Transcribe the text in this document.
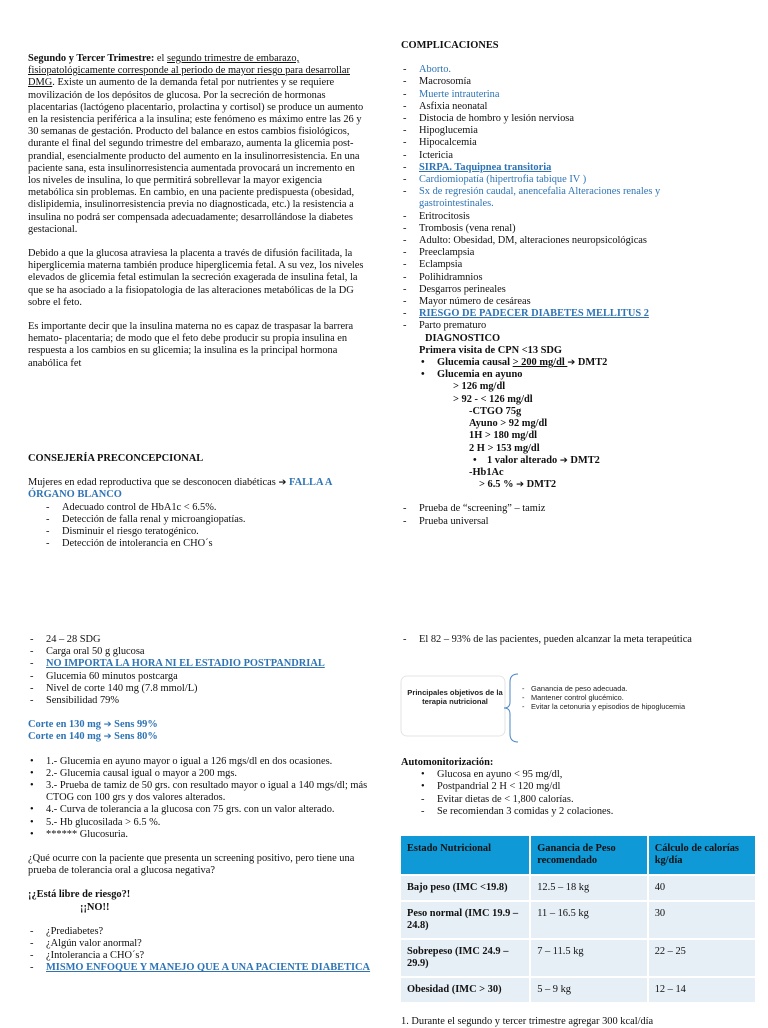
Segundo y Tercer Trimestre: el segundo trimestre de embarazo, fisiopatológicamente corresponde al periodo de mayor riesgo para desarrollar DMG. Existe un aumento de la demanda fetal por nutrientes y se requiere movilización de los depósitos de glucosa. Por la secreción de hormonas placentarias (lactógeno placentario, prolactina y cortisol) se produce un aumento en la resistencia periférica a la insulina; este fenómeno es máximo entre las 26 y 30 semanas de gestación. Producto del balance en estos cambios fisiológicos, durante el final del segundo trimestre del embarazo, aumenta la glicemia post-prandial, esencialmente producto del aumento en la insulinorresistencia. En una paciente sana, esta insulinorresistencia aumentada provocará un incremento en los niveles de insulina, lo que permitirá sobrellevar la mayor exigencia metabólica sin problemas. En cambio, en una paciente predispuesta (obesidad, dislipidemia, insulinorresistencia previa no diagnosticada, etc.) la resistencia a insulina no podrá ser compensada adecuadamente; desarrollándose la diabetes gestacional.

Debido a que la glucosa atraviesa la placenta a través de difusión facilitada, la hiperglicemia materna también produce hiperglicemia fetal. A su vez, los niveles elevados de glicemia fetal estimulan la secreción exagerada de insulina fetal, la que se ha asociado a la fisiopatologia de las alteraciones metabólicas de la DG sobre el feto.

Es importante decir que la insulina materna no es capaz de traspasar la barrera hemato- placentaria; de modo que el feto debe producir su propia insulina en respuesta a los cambios en su glicemia; la insulina es la principal hormona anabólica fet

CONSEJERÍA PRECONCEPCIONAL

Mujeres en edad reproductiva que se desconocen diabéticas ➔ FALLA A ÓRGANO BLANCO

- Adecuado control de HbA1c < 6.5%.
- Detección de falla renal y microangiopatías.
- Disminuir el riesgo teratogénico.
- Detección de intolerancia en CHO´s

COMPLICACIONES

- Aborto.
- Macrosomía
- Muerte intrauterina
- Asfixia neonatal
- Distocia de hombro y lesión nerviosa
- Hipoglucemia
- Hipocalcemia
- Ictericia
- SIRPA. Taquipnea transitoria
- Cardiomiopatía (hipertrofia tabique IV )
- Sx de regresión caudal, anencefalia Alteraciones renales y gastrointestinales.
- Eritrocitosis
- Trombosis (vena renal)
- Adulto: Obesidad, DM, alteraciones neuropsicológicas
- Preeclampsia
- Eclampsia
- Polihidramnios
- Desgarros perineales
- Mayor número de cesáreas
- RIESGO DE PADECER DIABETES MELLITUS 2
- Parto prematuro

DIAGNOSTICO

Primera visita de CPN <13 SDG

• Glucemia causal > 200 mg/dl ➔ DMT2
• Glucemia en ayuno
> 126 mg/dl
> 92 - < 126 mg/dl
-CTGO 75g
Ayuno > 92 mg/dl
1H > 180 mg/dl
2 H > 153 mg/dl
• 1 valor alterado ➔ DMT2
-Hb1Ac
> 6.5 % ➔ DMT2
- Prueba de “screening” – tamiz
- Prueba universal
- 24 – 28 SDG
- Carga oral 50 g glucosa
- NO IMPORTA LA HORA NI EL ESTADIO POSTPANDRIAL
- Glucemia 60 minutos postcarga
- Nivel de corte 140 mg (7.8 mmol/L)
- Sensibilidad 79%

Corte en 130 mg ➔ Sens 99%

Corte en 140 mg ➔ Sens 80%

• 1.- Glucemia en ayuno mayor o igual a 126 mgs/dl en dos ocasiones.
• 2.- Glucemia causal igual o mayor a 200 mgs.
• 3.- Prueba de tamiz de 50 grs. con resultado mayor o igual a 140 mgs/dl; más CTOG con 100 grs y dos valores alterados.
• 4.- Curva de tolerancia a la glucosa con 75 grs. con un valor alterado.
• 5.- Hb glucosilada > 6.5 %.
• ****** Glucosuria.

¿Qué ocurre con la paciente que presenta un screening positivo, pero tiene una prueba de tolerancia oral a glucosa negativa?

¡¿Está libre de riesgo?!

¡¡NO!!

- ¿Prediabetes?
- ¿Algún valor anormal?
- ¿Intolerancia a CHO´s?
- MISMO ENFOQUE Y MANEJO QUE A UNA PACIENTE DIABETICA
- El 82 – 93% de las pacientes, pueden alcanzar la meta terapeútica
Principales objetivos de la terapia nutricional
- Ganancia de peso adecuada.
- Mantener control glucémico.
- Evitar la cetonuria y episodios de hipoglucemia

Automonitorización:

• Glucosa en ayuno < 95 mg/dl,
• Postpandrial 2 H < 120 mg/dl
- Evitar dietas de < 1,800 calorías.
- Se recomiendan 3 comidas y 2 colaciones.
Estado Nutricional	Ganancia de Peso recomendado	Cálculo de calorías kg/día
Bajo peso (IMC <19.8)	12.5 – 18 kg	40
Peso normal (IMC 19.9 – 24.8)	11 – 16.5 kg	30
Sobrepeso (IMC 24.9 – 29.9)	7 – 11.5 kg	22 – 25
Obesidad (IMC > 30)	5 – 9 kg	12 – 14

1. Durante el segundo y tercer trimestre agregar 300 kcal/día
